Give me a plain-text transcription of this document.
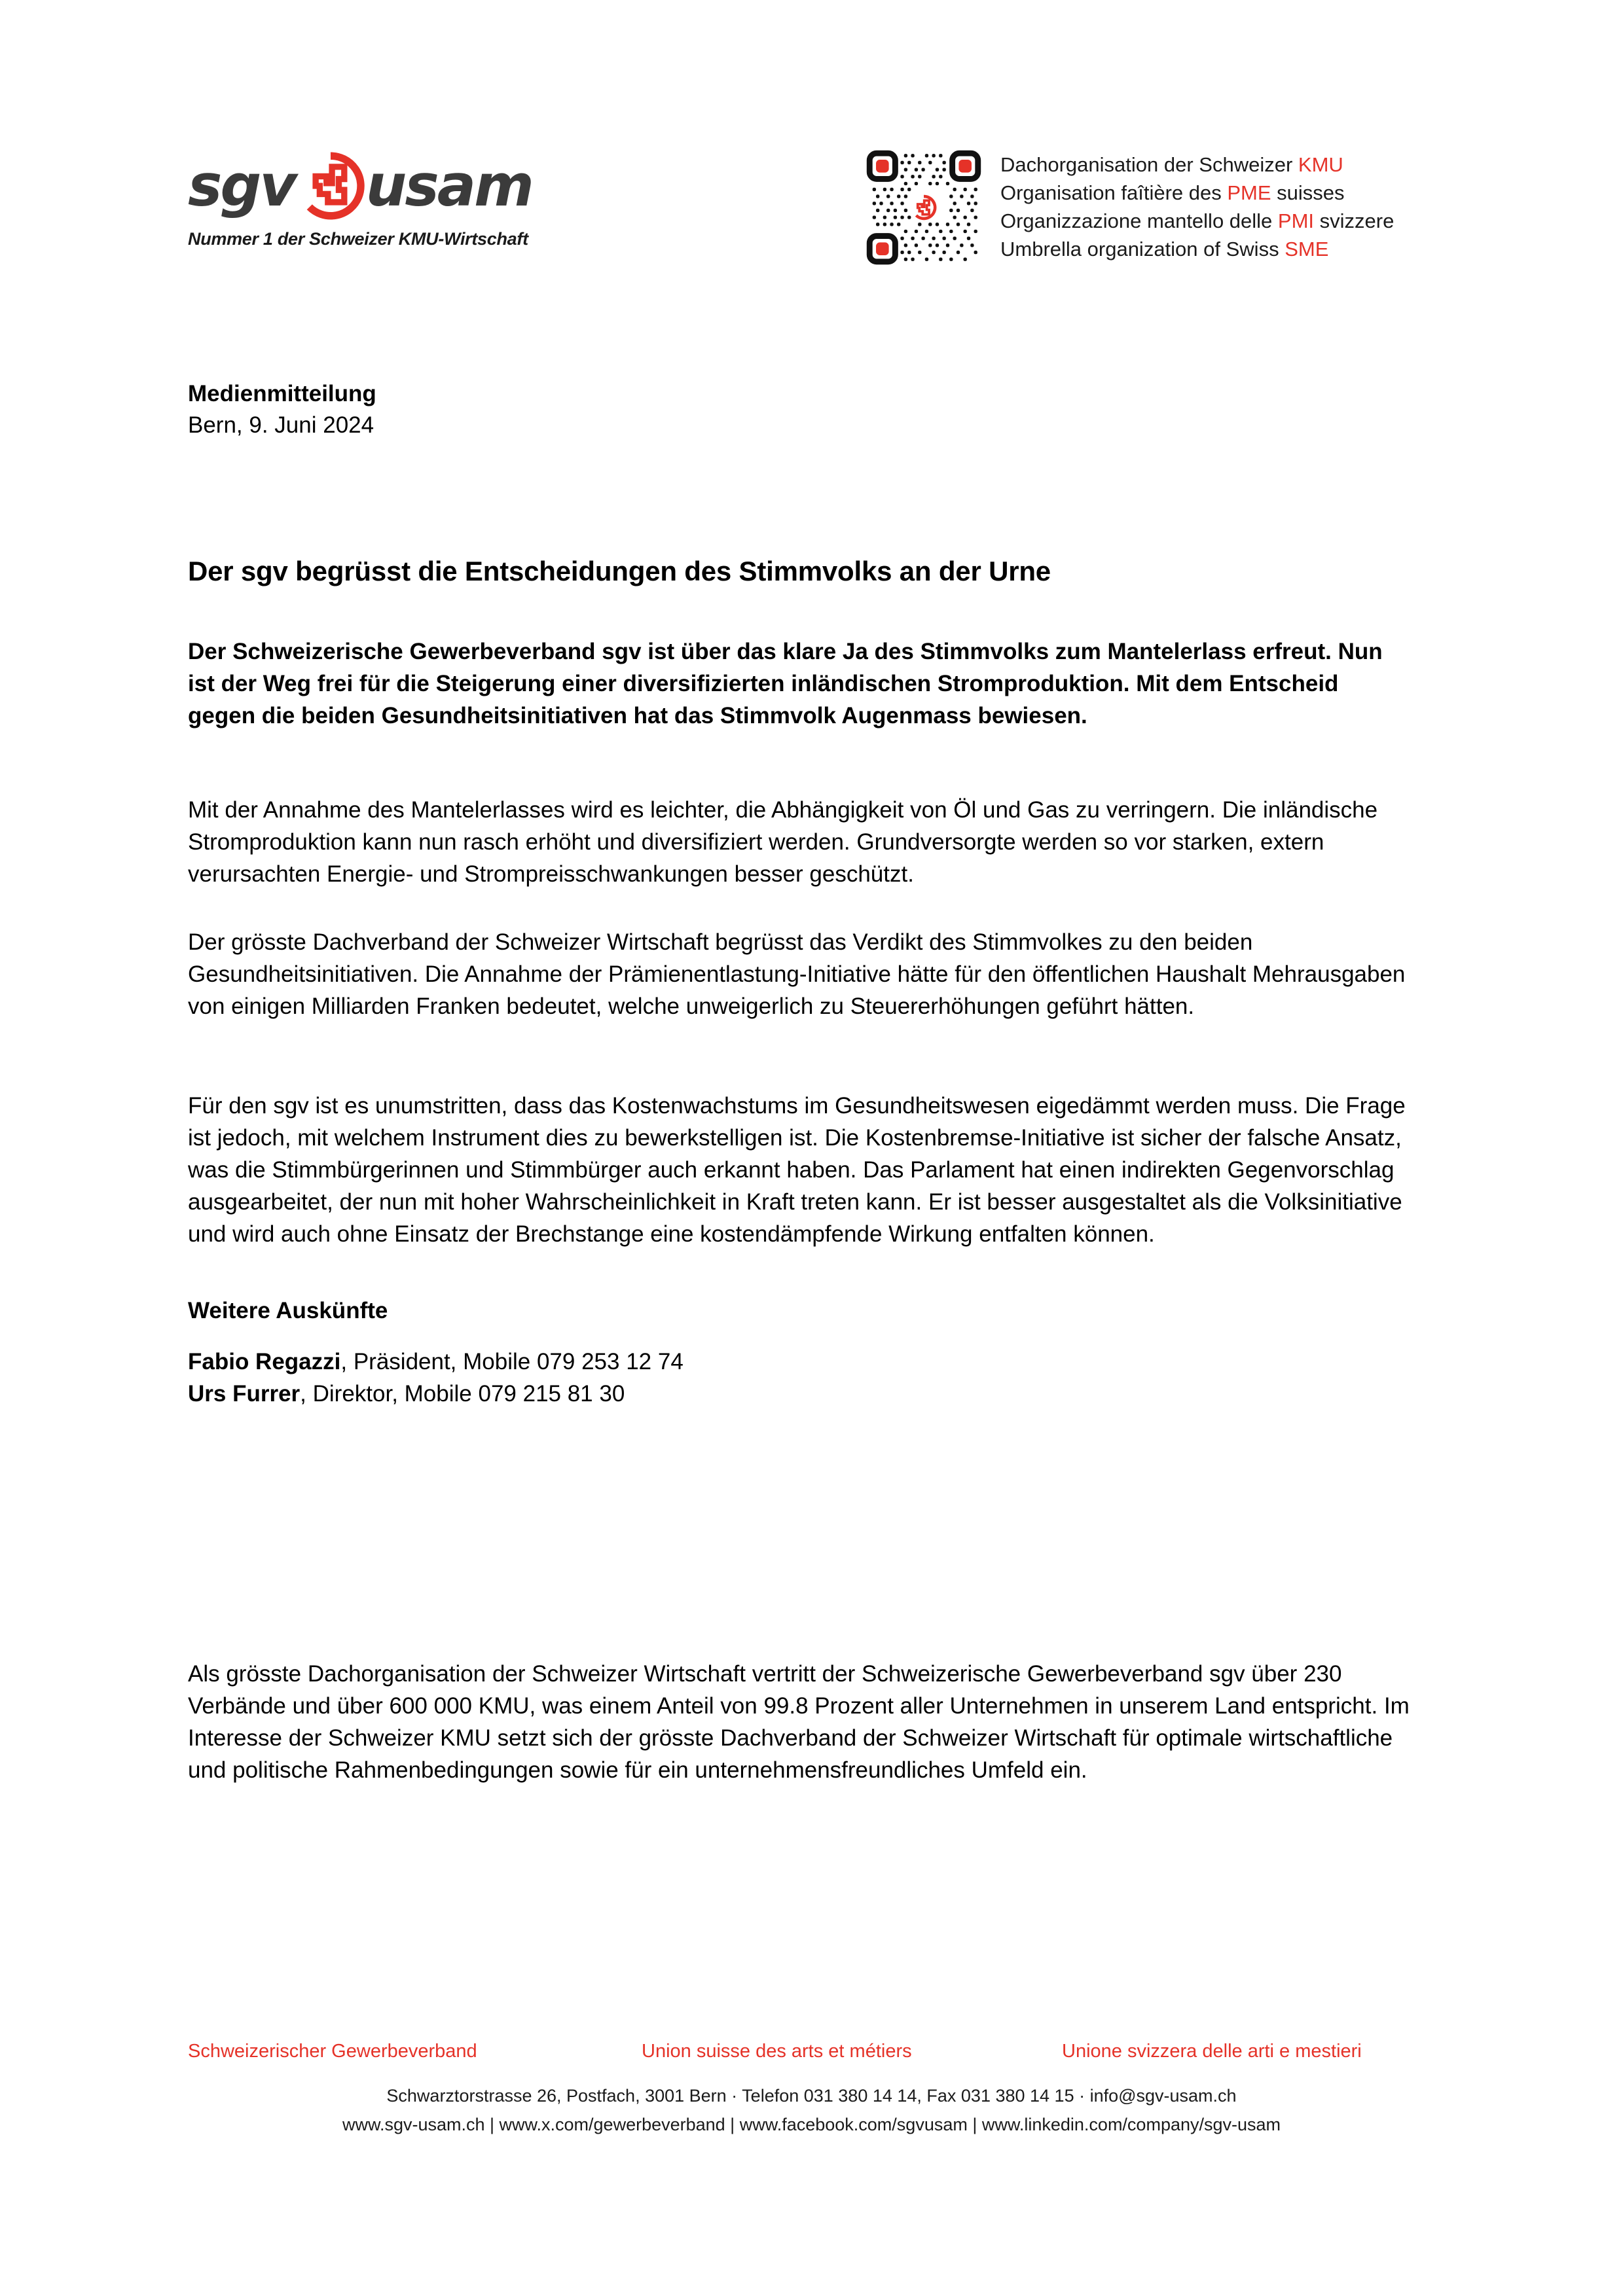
sgv usam
Nummer 1 der Schweizer KMU-Wirtschaft
Dachorganisation der Schweizer KMU
Organisation faîtière des PME suisses
Organizzazione mantello delle PMI svizzere
Umbrella organization of Swiss SME
Medienmitteilung
Bern, 9. Juni 2024
Der sgv begrüsst die Entscheidungen des Stimmvolks an der Urne

Der Schweizerische Gewerbeverband sgv ist über das klare Ja des Stimmvolks zum Mantelerlass erfreut. Nun ist der Weg frei für die Steigerung einer diversifizierten inländischen Stromproduktion. Mit dem Entscheid gegen die beiden Gesundheitsinitiativen hat das Stimmvolk Augenmass bewiesen.

Mit der Annahme des Mantelerlasses wird es leichter, die Abhängigkeit von Öl und Gas zu verringern. Die inländische Stromproduktion kann nun rasch erhöht und diversifiziert werden. Grundversorgte werden so vor starken, extern verursachten Energie- und Strompreisschwankungen besser geschützt.

Der grösste Dachverband der Schweizer Wirtschaft begrüsst das Verdikt des Stimmvolkes zu den beiden Gesundheitsinitiativen. Die Annahme der Prämienentlastung-Initiative hätte für den öffentlichen Haushalt Mehrausgaben von einigen Milliarden Franken bedeutet, welche unweigerlich zu Steuererhöhungen geführt hätten.

Für den sgv ist es unumstritten, dass das Kostenwachstums im Gesundheitswesen eigedämmt werden muss. Die Frage ist jedoch, mit welchem Instrument dies zu bewerkstelligen ist. Die Kostenbremse-Initiative ist sicher der falsche Ansatz, was die Stimmbürgerinnen und Stimmbürger auch erkannt haben. Das Parlament hat einen indirekten Gegenvorschlag ausgearbeitet, der nun mit hoher Wahrscheinlichkeit in Kraft treten kann. Er ist besser ausgestaltet als die Volksinitiative und wird auch ohne Einsatz der Brechstange eine kostendämpfende Wirkung entfalten können.

Weitere Auskünfte
Fabio Regazzi, Präsident, Mobile 079 253 12 74
Urs Furrer, Direktor, Mobile 079 215 81 30

Als grösste Dachorganisation der Schweizer Wirtschaft vertritt der Schweizerische Gewerbeverband sgv über 230 Verbände und über 600 000 KMU, was einem Anteil von 99.8 Prozent aller Unternehmen in unserem Land entspricht. Im Interesse der Schweizer KMU setzt sich der grösste Dachverband der Schweizer Wirtschaft für optimale wirtschaftliche und politische Rahmenbedingungen sowie für ein unternehmensfreundliches Umfeld ein.

Schweizerischer Gewerbeverband	Union suisse des arts et métiers	Unione svizzera delle arti e mestieri
Schwarztorstrasse 26, Postfach, 3001 Bern · Telefon 031 380 14 14, Fax 031 380 14 15 · info@sgv-usam.ch
www.sgv-usam.ch | www.x.com/gewerbeverband | www.facebook.com/sgvusam | www.linkedin.com/company/sgv-usam
